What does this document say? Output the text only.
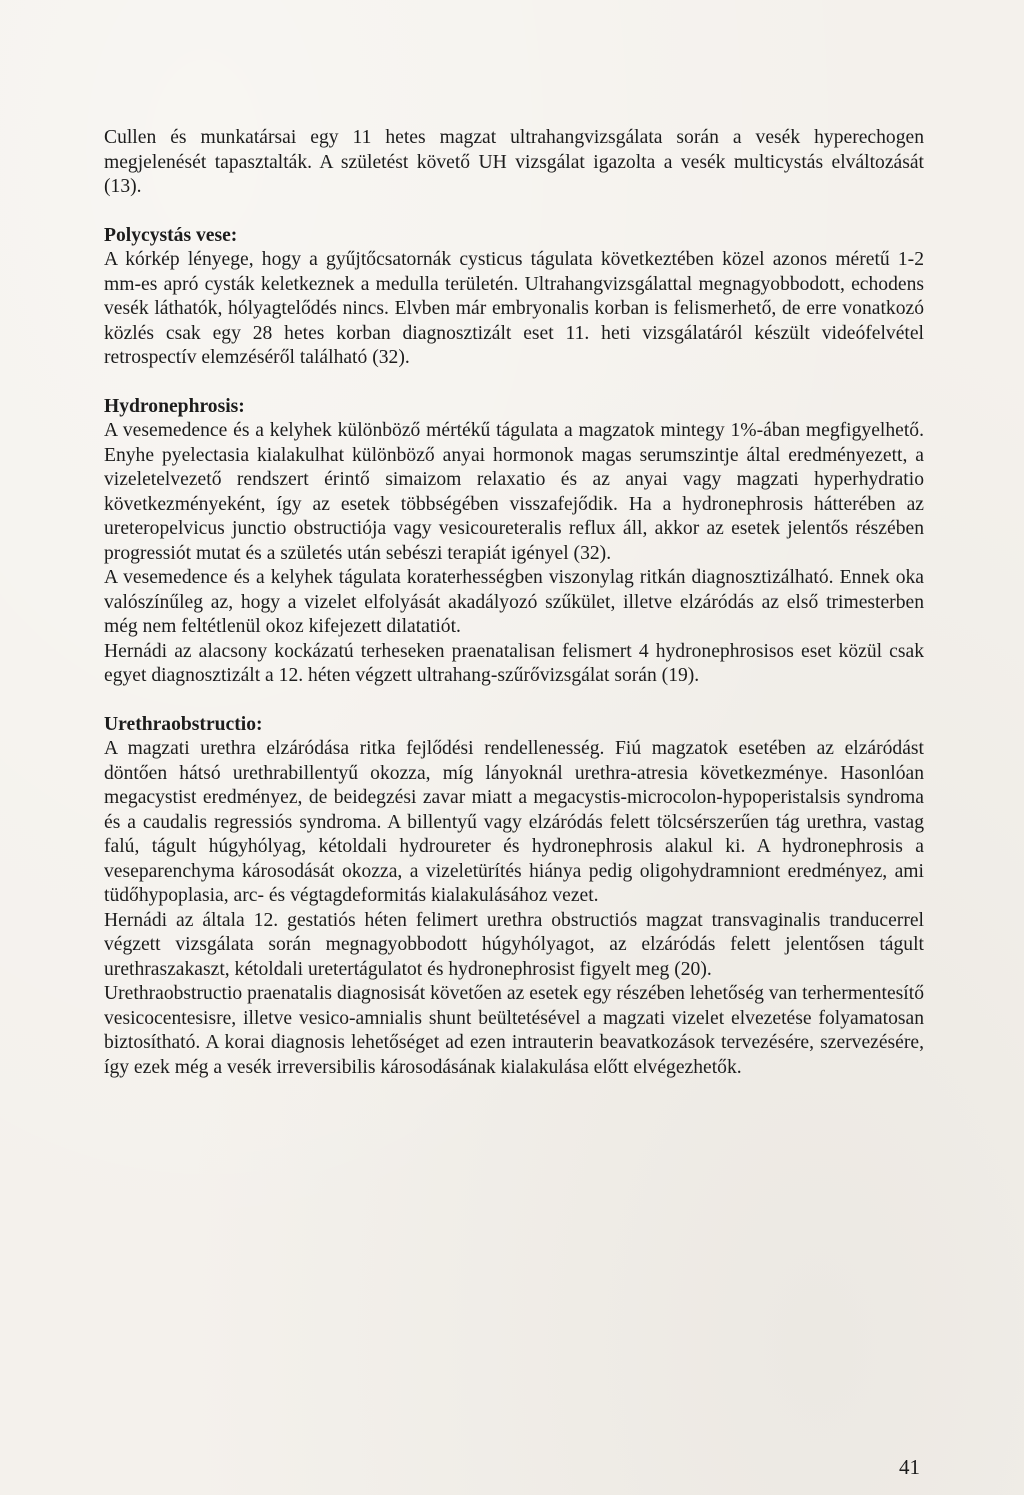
Cullen és munkatársai egy 11 hetes magzat ultrahangvizsgálata során a vesék hyperechogen megjelenését tapasztalták. A születést követő UH vizsgálat igazolta a vesék multicystás elváltozását (13).

Polycystás vese:

A kórkép lényege, hogy a gyűjtőcsatornák cysticus tágulata következtében közel azonos méretű 1-2 mm-es apró cysták keletkeznek a medulla területén. Ultrahangvizsgálattal megnagyobbodott, echodens vesék láthatók, hólyagtelődés nincs. Elvben már embryonalis korban is felismerhető, de erre vonatkozó közlés csak egy 28 hetes korban diagnosztizált eset 11. heti vizsgálatáról készült videófelvétel retrospectív elemzéséről található (32).

Hydronephrosis:

A vesemedence és a kelyhek különböző mértékű tágulata a magzatok mintegy 1%-ában megfigyelhető. Enyhe pyelectasia kialakulhat különböző anyai hormonok magas serumszintje által eredményezett, a vizeletelvezető rendszert érintő simaizom relaxatio és az anyai vagy magzati hyperhydratio következményeként, így az esetek többségében visszafejődik. Ha a hydronephrosis hátterében az ureteropelvicus junctio obstructiója vagy vesicoureteralis reflux áll, akkor az esetek jelentős részében progressiót mutat és a születés után sebészi terapiát igényel (32).

A vesemedence és a kelyhek tágulata koraterhességben viszonylag ritkán diagnosztizálható. Ennek oka valószínűleg az, hogy a vizelet elfolyását akadályozó szűkület, illetve elzáródás az első trimesterben még nem feltétlenül okoz kifejezett dilatatiót.

Hernádi az alacsony kockázatú terheseken praenatalisan felismert 4 hydronephrosisos eset közül csak egyet diagnosztizált a 12. héten végzett ultrahang-szűrővizsgálat során (19).

Urethraobstructio:

A magzati urethra elzáródása ritka fejlődési rendellenesség. Fiú magzatok esetében az elzáródást döntően hátsó urethrabillentyű okozza, míg lányoknál urethra-atresia következménye. Hasonlóan megacystist eredményez, de beidegzési zavar miatt a megacystis-microcolon-hypoperistalsis syndroma és a caudalis regressiós syndroma. A billentyű vagy elzáródás felett tölcsérszerűen tág urethra, vastag falú, tágult húgyhólyag, kétoldali hydroureter és hydronephrosis alakul ki. A hydronephrosis a veseparenchyma károsodását okozza, a vizeletürítés hiánya pedig oligohydramniont eredményez, ami tüdőhypoplasia, arc- és végtagdeformitás kialakulásához vezet.

Hernádi az általa 12. gestatiós héten felimert urethra obstructiós magzat transvaginalis tranducerrel végzett vizsgálata során megnagyobbodott húgyhólyagot, az elzáródás felett jelentősen tágult urethraszakaszt, kétoldali uretertágulatot és hydronephrosist figyelt meg (20).

Urethraobstructio praenatalis diagnosisát követően az esetek egy részében lehetőség van terhermentesítő vesicocentesisre, illetve vesico-amnialis shunt beültetésével a magzati vizelet elvezetése folyamatosan biztosítható. A korai diagnosis lehetőséget ad ezen intrauterin beavatkozások tervezésére, szervezésére, így ezek még a vesék irreversibilis károsodásának kialakulása előtt elvégezhetők.

41
